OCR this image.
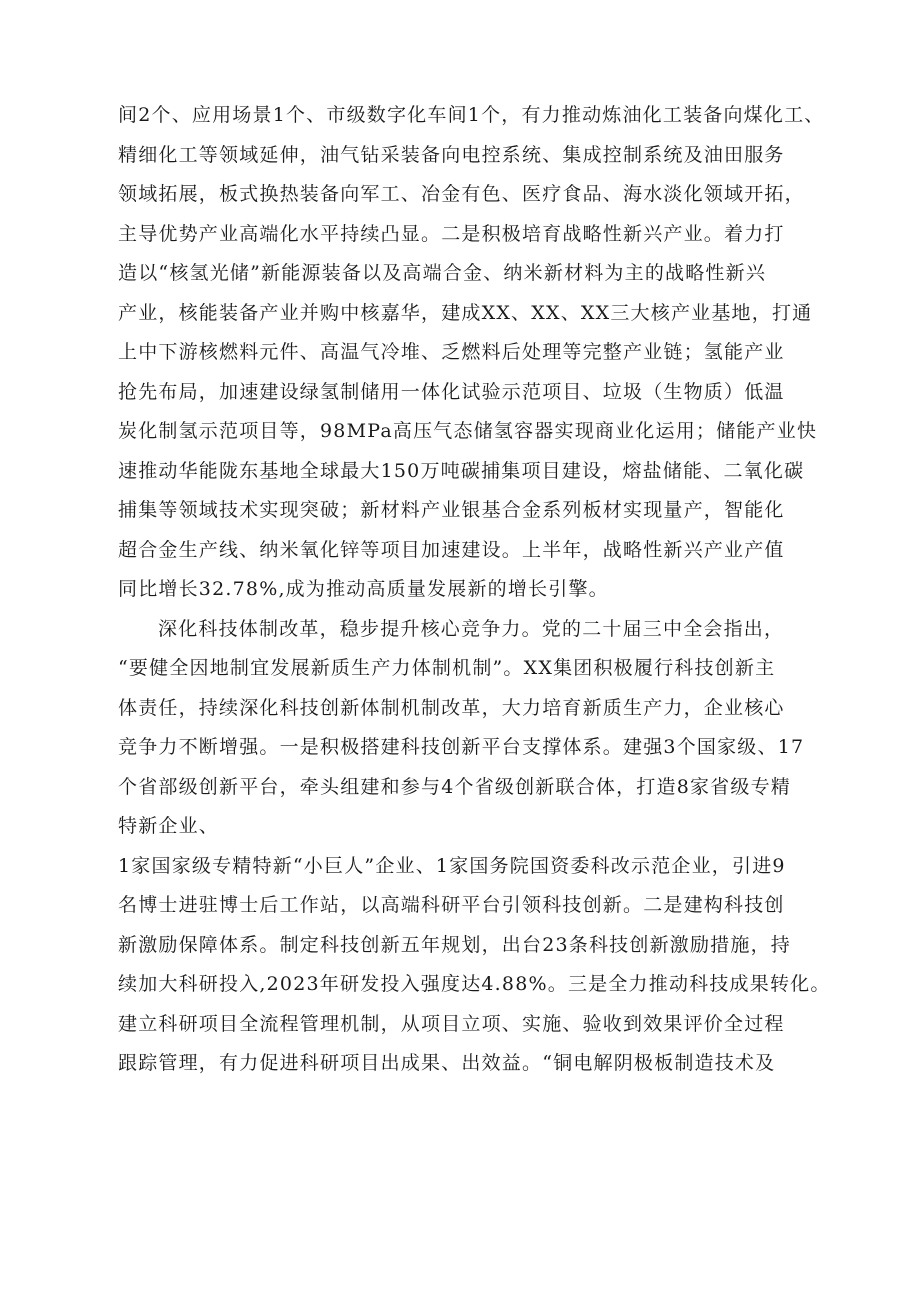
间2个、应用场景1个、市级数字化车间1个，有力推动炼油化工装备向煤化工、
精细化工等领域延伸，油气钻采装备向电控系统、集成控制系统及油田服务
领域拓展，板式换热装备向军工、冶金有色、医疗食品、海水淡化领域开拓，
主导优势产业高端化水平持续凸显。二是积极培育战略性新兴产业。着力打
造以“核氢光储”新能源装备以及高端合金、纳米新材料为主的战略性新兴
产业，核能装备产业并购中核嘉华，建成XX、XX、XX三大核产业基地，打通
上中下游核燃料元件、高温气冷堆、乏燃料后处理等完整产业链；氢能产业
抢先布局，加速建设绿氢制储用一体化试验示范项目、垃圾（生物质）低温
炭化制氢示范项目等，98MPa高压气态储氢容器实现商业化运用；储能产业快
速推动华能陇东基地全球最大150万吨碳捕集项目建设，熔盐储能、二氧化碳
捕集等领域技术实现突破；新材料产业银基合金系列板材实现量产，智能化
超合金生产线、纳米氧化锌等项目加速建设。上半年，战略性新兴产业产值
同比增长32.78%,成为推动高质量发展新的增长引擎。
深化科技体制改革，稳步提升核心竞争力。党的二十届三中全会指出，
“要健全因地制宜发展新质生产力体制机制”。XX集团积极履行科技创新主
体责任，持续深化科技创新体制机制改革，大力培育新质生产力，企业核心
竞争力不断增强。一是积极搭建科技创新平台支撑体系。建强3个国家级、17
个省部级创新平台，牵头组建和参与4个省级创新联合体，打造8家省级专精
特新企业、
1家国家级专精特新“小巨人”企业、1家国务院国资委科改示范企业，引进9
名博士进驻博士后工作站，以高端科研平台引领科技创新。二是建构科技创
新激励保障体系。制定科技创新五年规划，出台23条科技创新激励措施，持
续加大科研投入,2023年研发投入强度达4.88%。三是全力推动科技成果转化。
建立科研项目全流程管理机制，从项目立项、实施、验收到效果评价全过程
跟踪管理，有力促进科研项目出成果、出效益。“铜电解阴极板制造技术及
